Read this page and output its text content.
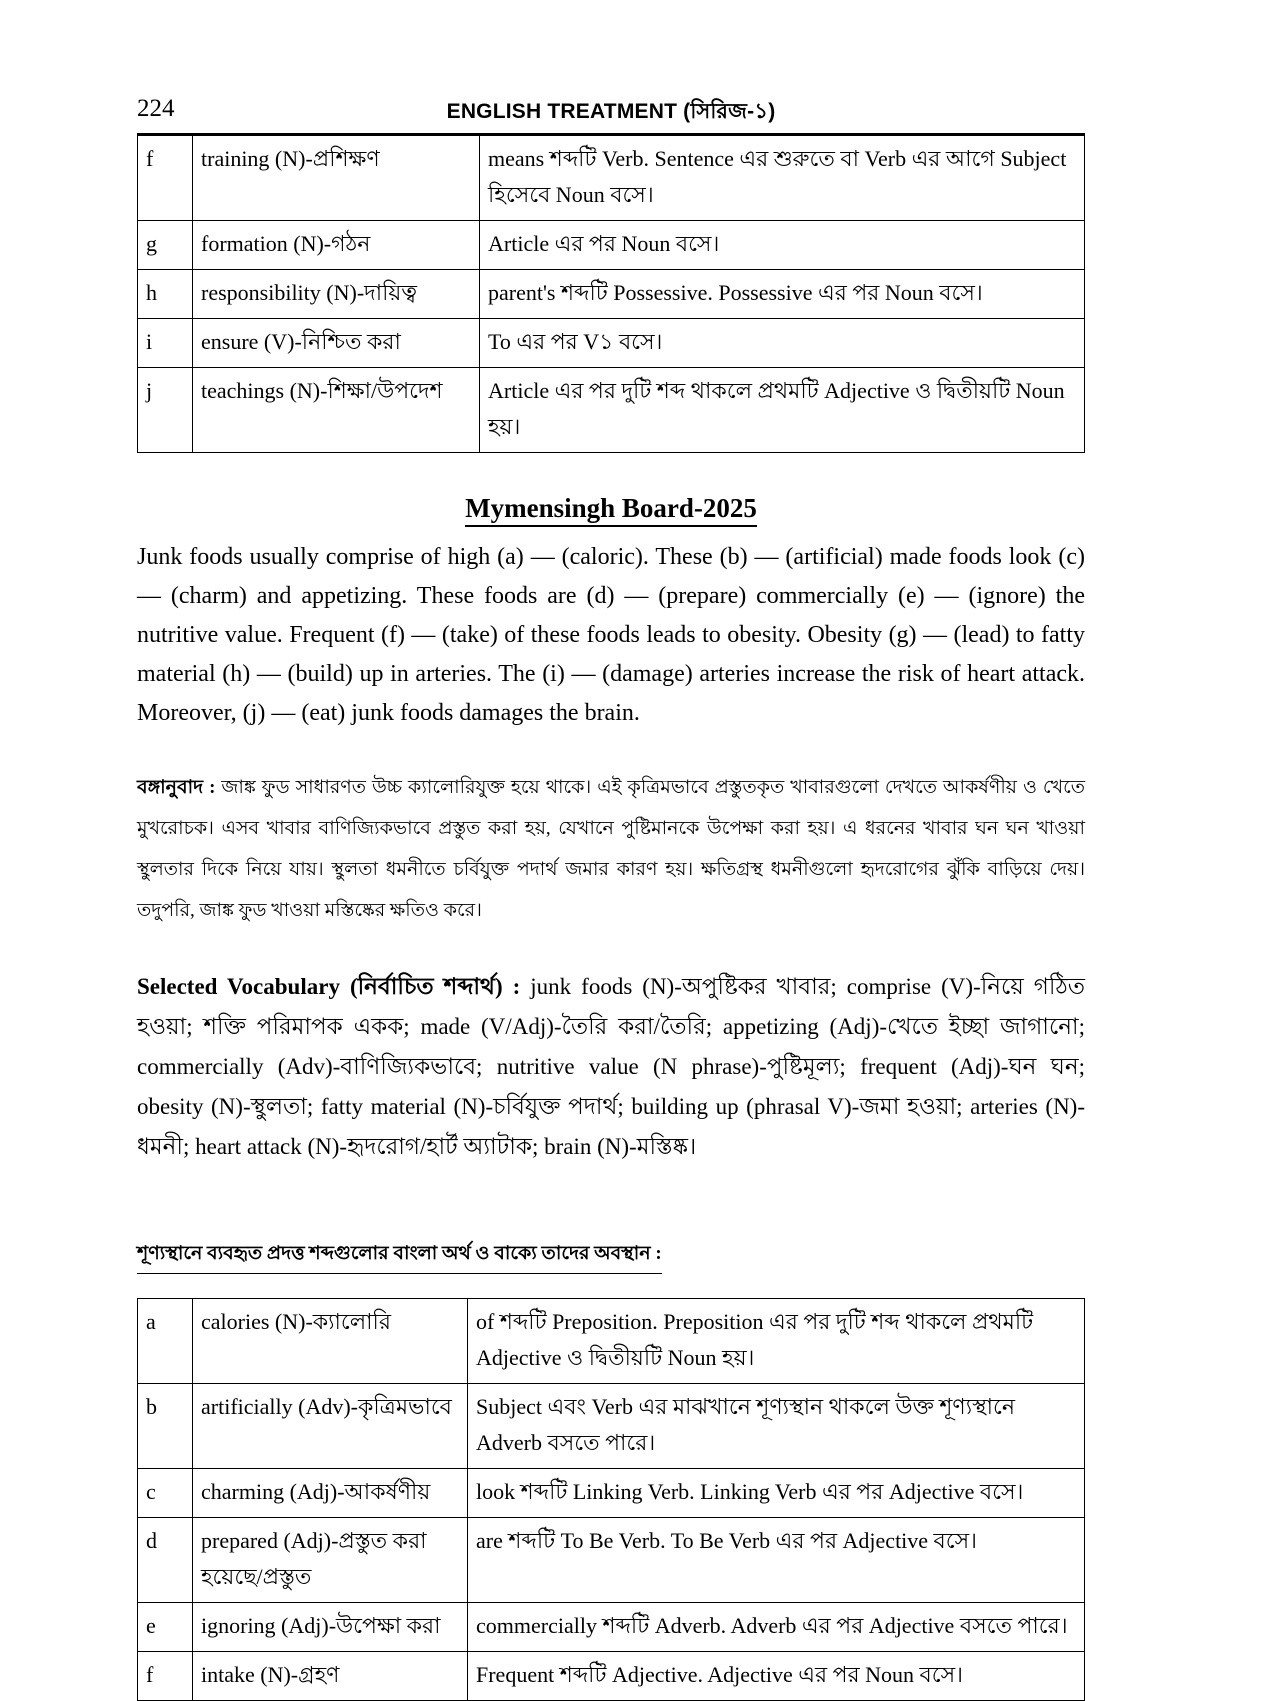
224	ENGLISH TREATMENT (সিরিজ-১)
f	training (N)-প্রশিক্ষণ	means শব্দটি Verb. Sentence এর শুরুতে বা Verb এর আগে Subject হিসেবে Noun বসে।
g	formation (N)-গঠন	Article এর পর Noun বসে।
h	responsibility (N)-দায়িত্ব	parent's শব্দটি Possessive. Possessive এর পর Noun বসে।
i	ensure (V)-নিশ্চিত করা	To এর পর V১ বসে।
j	teachings (N)-শিক্ষা/উপদেশ	Article এর পর দুটি শব্দ থাকলে প্রথমটি Adjective ও দ্বিতীয়টি Noun হয়।
Mymensingh Board-2025
Junk foods usually comprise of high (a) — (caloric). These (b) — (artificial) made foods look (c) — (charm) and appetizing. These foods are (d) — (prepare) commercially (e) — (ignore) the nutritive value. Frequent (f) — (take) of these foods leads to obesity. Obesity (g) — (lead) to fatty material (h) — (build) up in arteries. The (i) — (damage) arteries increase the risk of heart attack. Moreover, (j) — (eat) junk foods damages the brain.
বঙ্গানুবাদ : জাঙ্ক ফুড সাধারণত উচ্চ ক্যালোরিযুক্ত হয়ে থাকে। এই কৃত্রিমভাবে প্রস্তুতকৃত খাবারগুলো দেখতে আকর্ষণীয় ও খেতে মুখরোচক। এসব খাবার বাণিজ্যিকভাবে প্রস্তুত করা হয়, যেখানে পুষ্টিমানকে উপেক্ষা করা হয়। এ ধরনের খাবার ঘন ঘন খাওয়া স্থুলতার দিকে নিয়ে যায়। স্থুলতা ধমনীতে চর্বিযুক্ত পদার্থ জমার কারণ হয়। ক্ষতিগ্রস্থ ধমনীগুলো হৃদরোগের ঝুঁকি বাড়িয়ে দেয়। তদুপরি, জাঙ্ক ফুড খাওয়া মস্তিষ্কের ক্ষতিও করে।
Selected Vocabulary (নির্বাচিত শব্দার্থ) : junk foods (N)-অপুষ্টিকর খাবার; comprise (V)-নিয়ে গঠিত হওয়া; শক্তি পরিমাপক একক; made (V/Adj)-তৈরি করা/তৈরি; appetizing (Adj)-খেতে ইচ্ছা জাগানো; commercially (Adv)-বাণিজ্যিকভাবে; nutritive value (N phrase)-পুষ্টিমূল্য; frequent (Adj)-ঘন ঘন; obesity (N)-স্থুলতা; fatty material (N)-চর্বিযুক্ত পদার্থ; building up (phrasal V)-জমা হওয়া; arteries (N)-ধমনী; heart attack (N)-হৃদরোগ/হার্ট অ্যাটাক; brain (N)-মস্তিষ্ক।
শূণ্যস্থানে ব্যবহৃত প্রদত্ত শব্দগুলোর বাংলা অর্থ ও বাক্যে তাদের অবস্থান :
a	calories (N)-ক্যালোরি	of শব্দটি Preposition. Preposition এর পর দুটি শব্দ থাকলে প্রথমটি Adjective ও দ্বিতীয়টি Noun হয়।
b	artificially (Adv)-কৃত্রিমভাবে	Subject এবং Verb এর মাঝখানে শূণ্যস্থান থাকলে উক্ত শূণ্যস্থানে Adverb বসতে পারে।
c	charming (Adj)-আকর্ষণীয়	look শব্দটি Linking Verb. Linking Verb এর পর Adjective বসে।
d	prepared (Adj)-প্রস্তুত করা হয়েছে/প্রস্তুত	are শব্দটি To Be Verb. To Be Verb এর পর Adjective বসে।
e	ignoring (Adj)-উপেক্ষা করা	commercially শব্দটি Adverb. Adverb এর পর Adjective বসতে পারে।
f	intake (N)-গ্রহণ	Frequent শব্দটি Adjective. Adjective এর পর Noun বসে।
